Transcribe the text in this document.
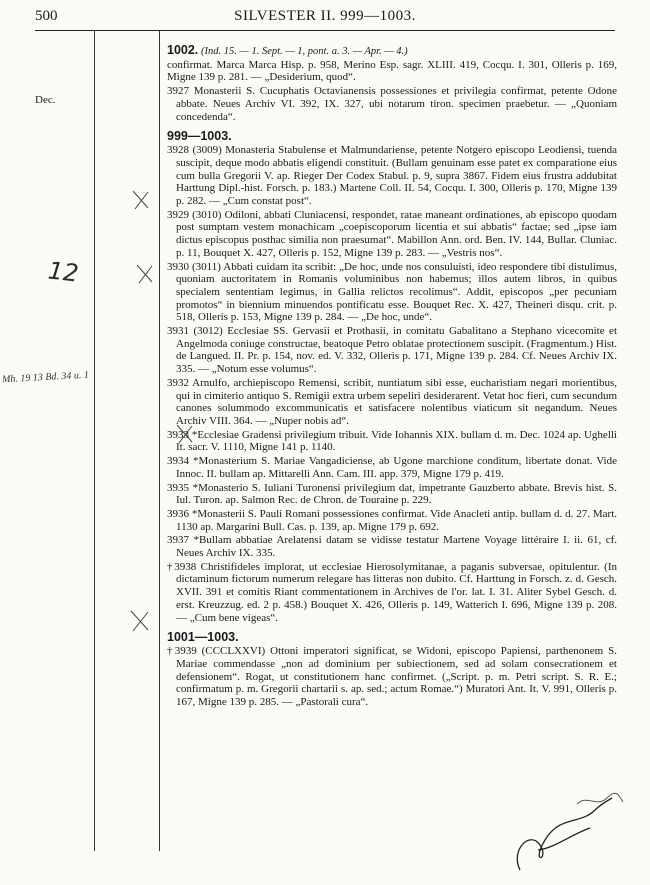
500	SILVESTER II. 999—1003.
Dec.
12
Mh. 19 13 Bd. 34 u. 1
1002. (Ind. 15. — 1. Sept. — 1, pont. a. 3. — Apr. — 4.)
confirmat. Marca Marca Hisp. p. 958, Merino Esp. sagr. XLIII. 419, Cocqu. I. 301, Olleris p. 169, Migne 139 p. 281. — „Desiderium, quod“.
3927 Monasterii S. Cucuphatis Octavianensis possessiones et privilegia confirmat, petente Odone abbate. Neues Archiv VI. 392, IX. 327, ubi notarum tiron. specimen praebetur. — „Quoniam concedenda“.
999—1003.
3928 (3009) Monasteria Stabulense et Malmundariense, petente Notgero episcopo Leodiensi, tuenda suscipit, deque modo abbatis eligendi constituit. (Bullam genuinam esse patet ex comparatione eius cum bulla Gregorii V. ap. Rieger Der Codex Stabul. p. 9, supra 3867. Fidem eius frustra addubitat Harttung Dipl.-hist. Forsch. p. 183.) Martene Coll. II. 54, Cocqu. I. 300, Olleris p. 170, Migne 139 p. 282. — „Cum constat post“.
3929 (3010) Odiloni, abbati Cluniacensi, respondet, ratae maneant ordinationes, ab episcopo quodam post sumptam vestem monachicam „coepiscoporum licentia et sui abbatis“ factae; sed „ipse iam dictus episcopus posthac similia non praesumat“. Mabillon Ann. ord. Ben. IV. 144, Bullar. Cluniac. p. 11, Bouquet X. 427, Olleris p. 152, Migne 139 p. 283. — „Vestris nos“.
3930 (3011) Abbati cuidam ita scribit: „De hoc, unde nos consuluisti, ideo respondere tibi distulimus, quoniam auctoritatem in Romanis voluminibus non habemus; illos autem libros, in quibus specialem sententiam legimus, in Gallia relictos recolimus“. Addit, episcopos „per pecuniam promotos“ in biennium minuendos pontificatu esse. Bouquet Rec. X. 427, Theineri disqu. crit. p. 518, Olleris p. 153, Migne 139 p. 284. — „De hoc, unde“.
3931 (3012) Ecclesiae SS. Gervasii et Prothasii, in comitatu Gabalitano a Stephano vicecomite et Angelmoda coniuge constructae, beatoque Petro oblatae protectionem suscipit. (Fragmentum.) Hist. de Langued. II. Pr. p. 154, nov. ed. V. 332, Olleris p. 171, Migne 139 p. 284. Cf. Neues Archiv IX. 335. — „Notum esse volumus“.
3932 Arnulfo, archiepiscopo Remensi, scribit, nuntiatum sibi esse, eucharistiam negari morientibus, qui in cimiterio antiquo S. Remigii extra urbem sepeliri desiderarent. Vetat hoc fieri, cum secundum canones solummodo excommunicatis et satisfacere nolentibus viaticum sit negandum. Neues Archiv VIII. 364. — „Nuper nobis ad“.
3933 *Ecclesiae Gradensi privilegium tribuit. Vide Iohannis XIX. bullam d. m. Dec. 1024 ap. Ughelli It. sacr. V. 1110, Migne 141 p. 1140.
3934 *Monasterium S. Mariae Vangadiciense, ab Ugone marchione conditum, libertate donat. Vide Innoc. II. bullam ap. Mittarelli Ann. Cam. III. app. 379, Migne 179 p. 419.
3935 *Monasterio S. Iuliani Turonensi privilegium dat, impetrante Gauzberto abbate. Brevis hist. S. Iul. Turon. ap. Salmon Rec. de Chron. de Touraine p. 229.
3936 *Monasterii S. Pauli Romani possessiones confirmat. Vide Anacleti antip. bullam d. d. 27. Mart. 1130 ap. Margarini Bull. Cas. p. 139, ap. Migne 179 p. 692.
3937 *Bullam abbatiae Arelatensi datam se vidisse testatur Martene Voyage littéraire I. ii. 61, cf. Neues Archiv IX. 335.
†3938 Christifideles implorat, ut ecclesiae Hierosolymitanae, a paganis subversae, opitulentur. (In dictaminum fictorum numerum relegare has litteras non dubito. Cf. Harttung in Forsch. z. d. Gesch. XVII. 391 et comitis Riant commentationem in Archives de l'or. lat. I. 31. Aliter Sybel Gesch. d. erst. Kreuzzug. ed. 2 p. 458.) Bouquet X. 426, Olleris p. 149, Watterich I. 696, Migne 139 p. 208. — „Cum bene vigeas“.
1001—1003.
†3939 (CCCLXXVI) Ottoni imperatori significat, se Widoni, episcopo Papiensi, parthenonem S. Mariae commendasse „non ad dominium per subiectionem, sed ad solam consecrationem et defensionem“. Rogat, ut constitutionem hanc confirmet. („Script. p. m. Petri script. S. R. E.; confirmatum p. m. Gregorii chartarii s. ap. sed.; actum Romae.“) Muratori Ant. It. V. 991, Olleris p. 167, Migne 139 p. 285. — „Pastorali cura“.
